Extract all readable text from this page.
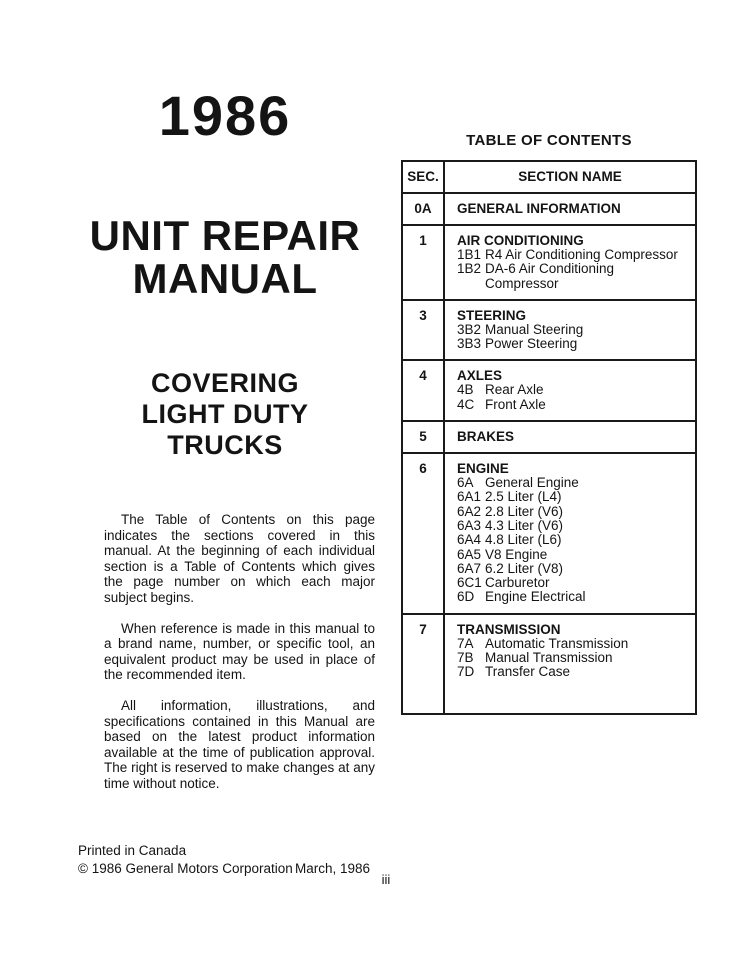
1986
UNIT REPAIR
MANUAL
COVERING
LIGHT DUTY
TRUCKS

The Table of Contents on this page indicates the sections covered in this manual. At the beginning of each individual section is a Table of Contents which gives the page number on which each major subject begins.

When reference is made in this manual to a brand name, number, or specific tool, an equivalent product may be used in place of the recommended item.

All information, illustrations, and specifications contained in this Manual are based on the latest product information available at the time of publication approval. The right is reserved to make changes at any time without notice.

TABLE OF CONTENTS
SEC.	SECTION NAME
0A	GENERAL INFORMATION
1	AIR CONDITIONING
1B1 R4 Air Conditioning Compressor
1B2 DA-6 Air Conditioning Compressor
3	STEERING
3B2 Manual Steering
3B3 Power Steering
4	AXLES
4B Rear Axle
4C Front Axle
5	BRAKES
6	ENGINE
6A General Engine
6A1 2.5 Liter (L4)
6A2 2.8 Liter (V6)
6A3 4.3 Liter (V6)
6A4 4.8 Liter (L6)
6A5 V8 Engine
6A7 6.2 Liter (V8)
6C1 Carburetor
6D Engine Electrical
7	TRANSMISSION
7A Automatic Transmission
7B Manual Transmission
7D Transfer Case
Printed in Canada
© 1986 General Motors Corporation March, 1986
iii
